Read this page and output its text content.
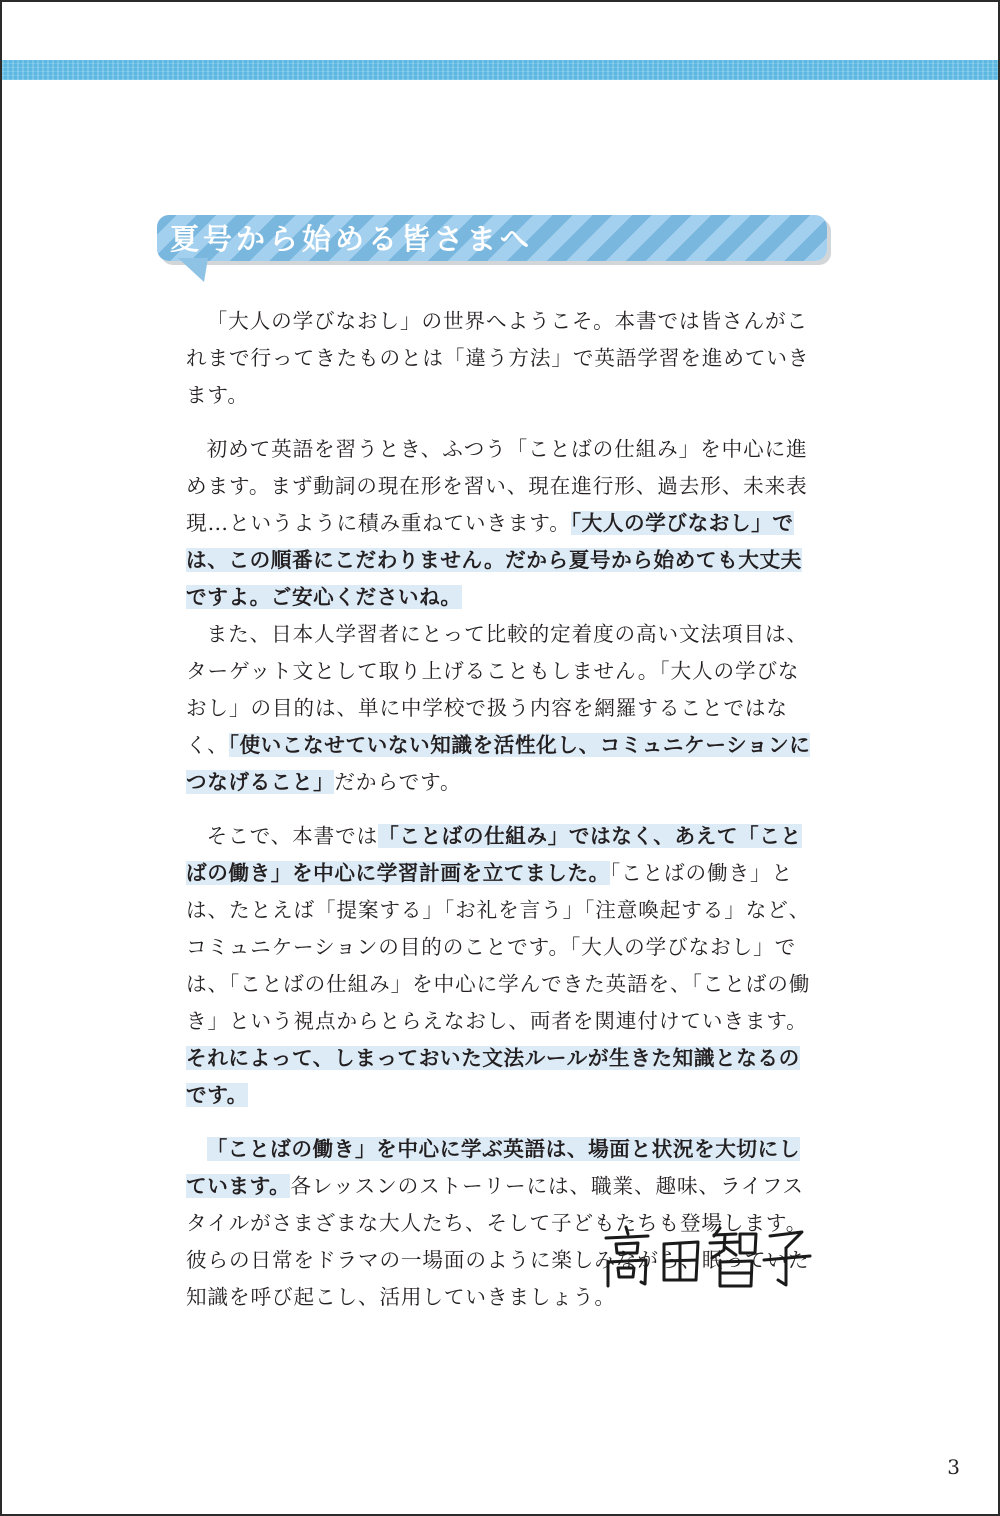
夏号から始める皆さまへ

「大人の学びなおし」の世界へようこそ。本書では皆さんがこれまで行ってきたものとは「違う方法」で英語学習を進めていきます。

初めて英語を習うとき、ふつう「ことばの仕組み」を中心に進めます。まず動詞の現在形を習い、現在進行形、過去形、未来表現…というように積み重ねていきます。「大人の学びなおし」では、この順番にこだわりません。だから夏号から始めても大丈夫ですよ。ご安心くださいね。

また、日本人学習者にとって比較的定着度の高い文法項目は、ターゲット文として取り上げることもしません。「大人の学びなおし」の目的は、単に中学校で扱う内容を網羅することではなく、「使いこなせていない知識を活性化し、コミュニケーションにつなげること」だからです。

そこで、本書では「ことばの仕組み」ではなく、あえて「ことばの働き」を中心に学習計画を立てました。「ことばの働き」とは、たとえば「提案する」「お礼を言う」「注意喚起する」など、コミュニケーションの目的のことです。「大人の学びなおし」では、「ことばの仕組み」を中心に学んできた英語を、「ことばの働き」という視点からとらえなおし、両者を関連付けていきます。それによって、しまっておいた文法ルールが生きた知識となるのです。

「ことばの働き」を中心に学ぶ英語は、場面と状況を大切にしています。各レッスンのストーリーには、職業、趣味、ライフスタイルがさまざまな大人たち、そして子どもたちも登場します。彼らの日常をドラマの一場面のように楽しみながら、眠っていた知識を呼び起こし、活用していきましょう。

3
